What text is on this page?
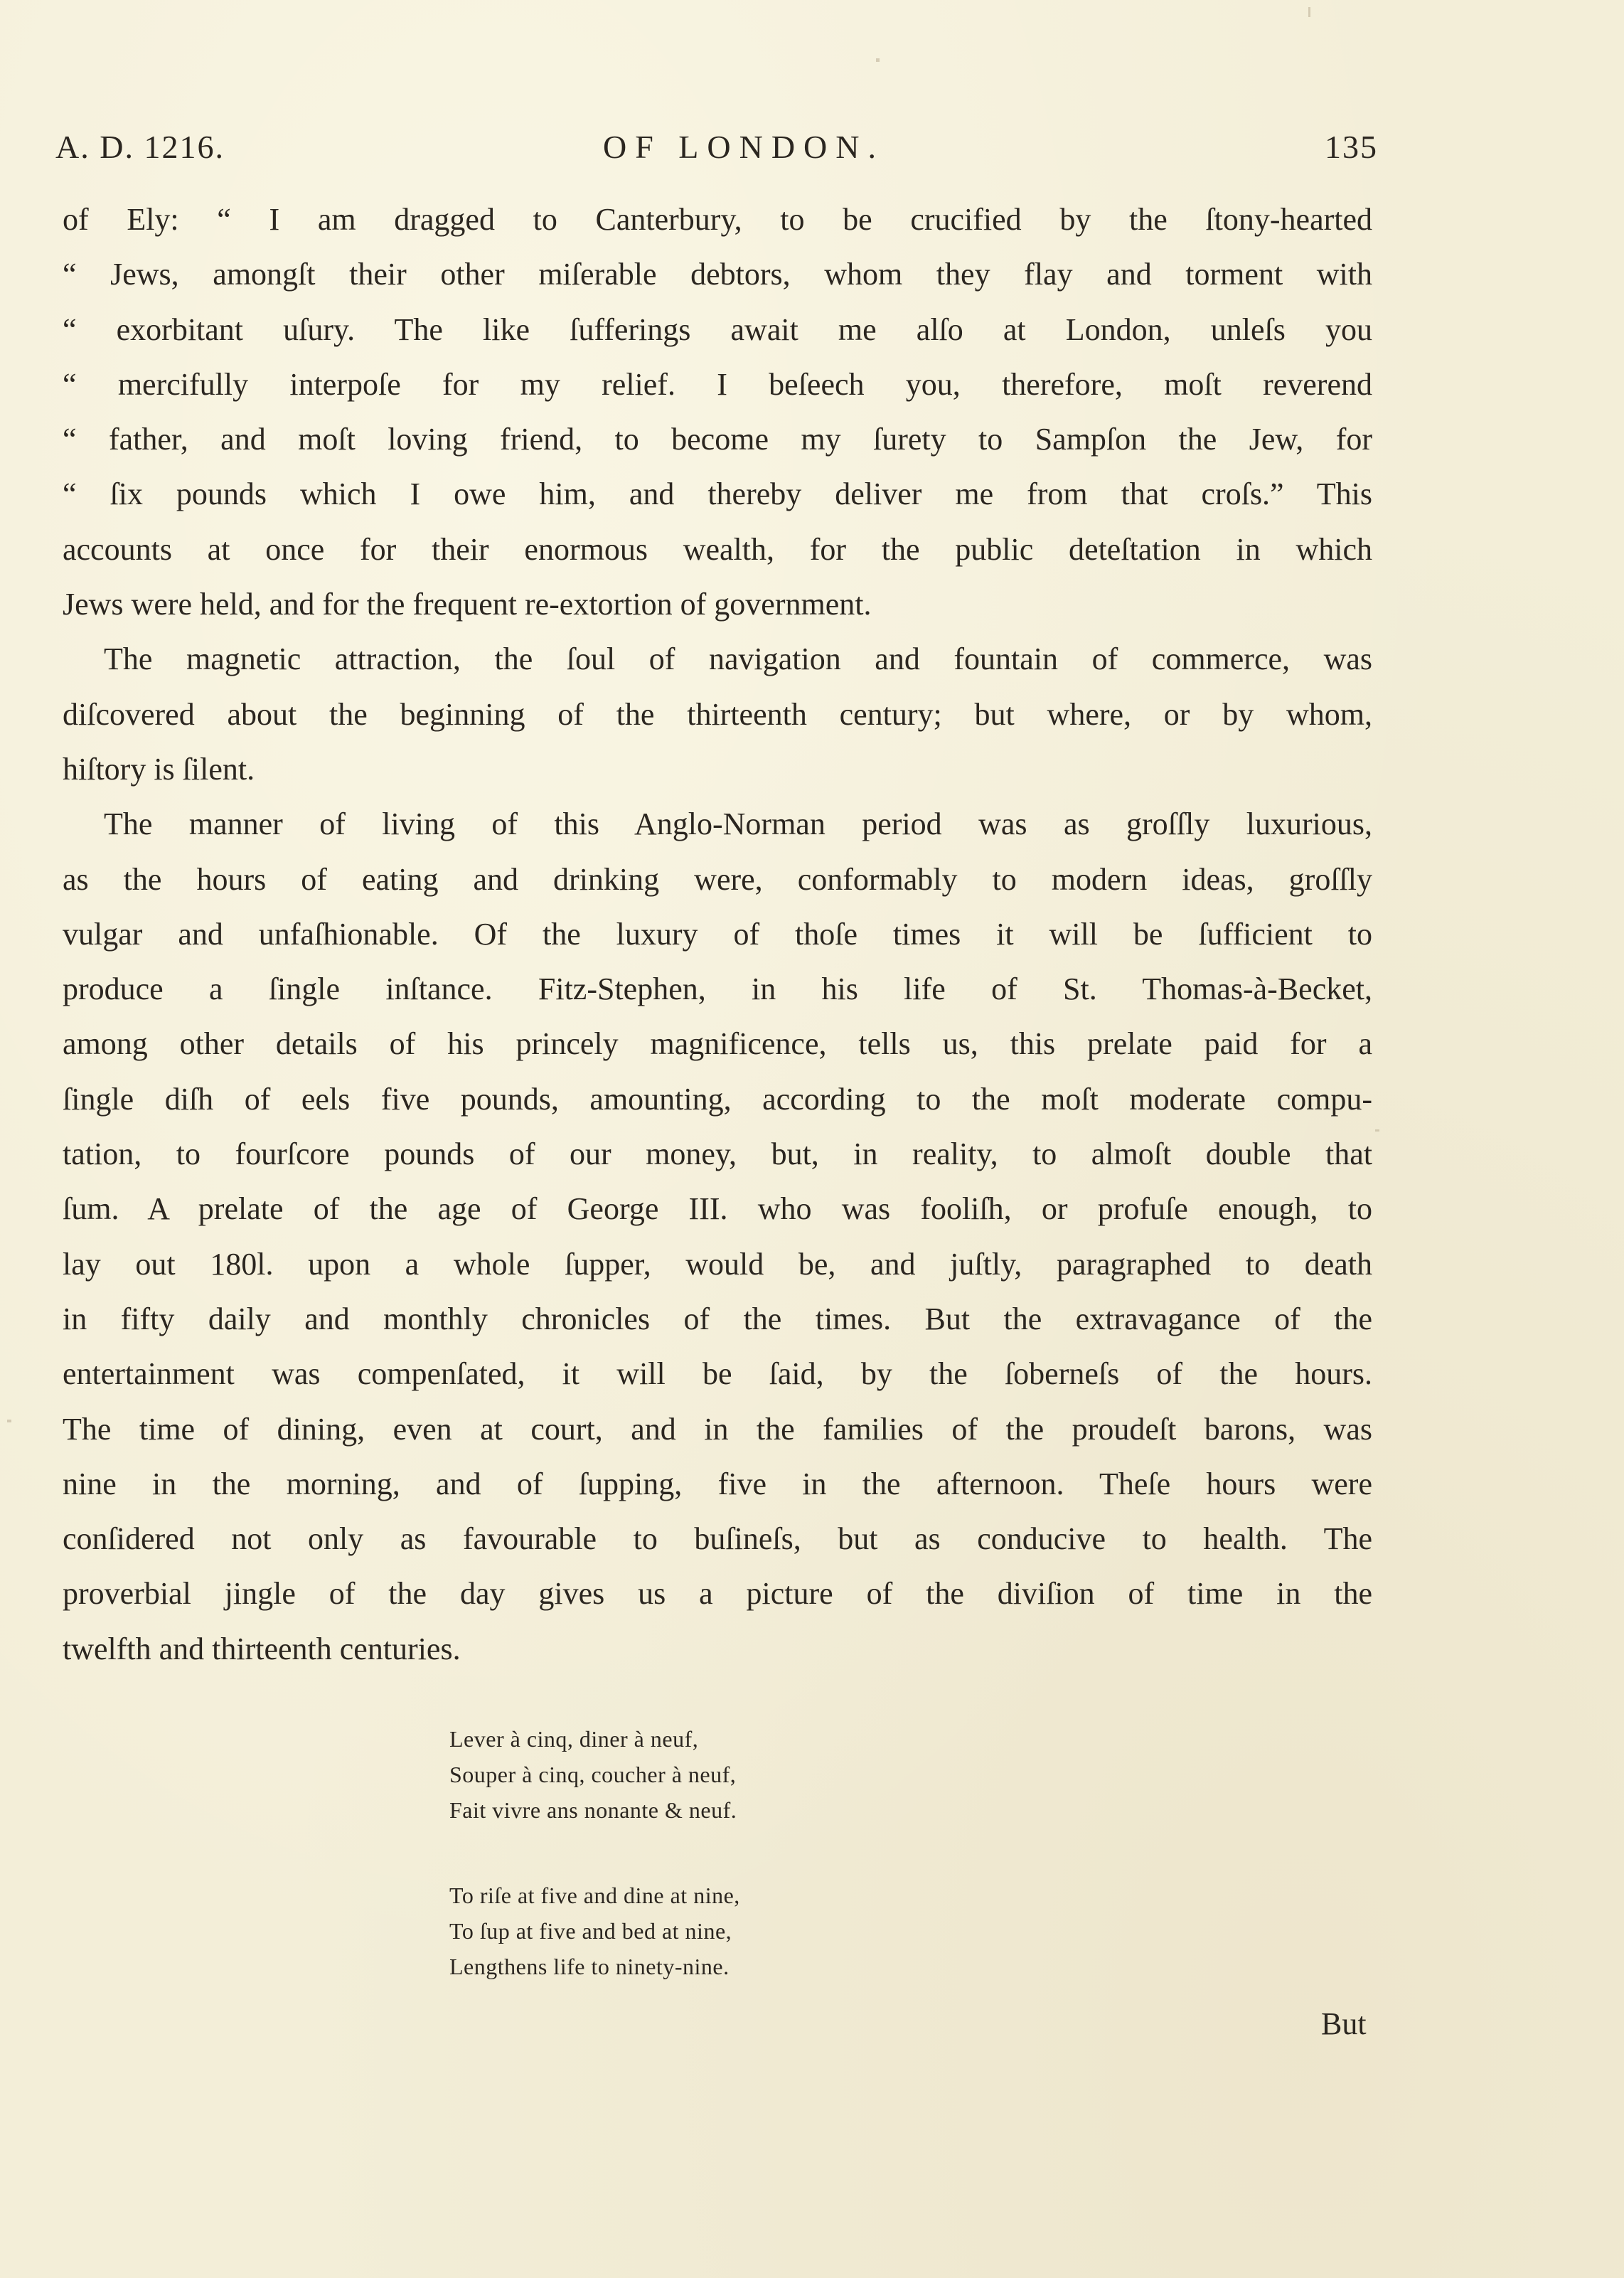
A. D. 1216.	OF LONDON.	135
of Ely: “ I am dragged to Canterbury, to be crucified by the ſtony-hearted
“ Jews, amongſt their other miſerable debtors, whom they flay and torment with
“ exorbitant uſury. The like ſufferings await me alſo at London, unleſs you
“ mercifully interpoſe for my relief. I beſeech you, therefore, moſt reverend
“ father, and moſt loving friend, to become my ſurety to Sampſon the Jew, for
“ ſix pounds which I owe him, and thereby deliver me from that croſs.” This
accounts at once for their enormous wealth, for the public deteſtation in which
Jews were held, and for the frequent re-extortion of government.
The magnetic attraction, the ſoul of navigation and fountain of commerce, was
diſcovered about the beginning of the thirteenth century; but where, or by whom,
hiſtory is ſilent.
The manner of living of this Anglo-Norman period was as groſſly luxurious,
as the hours of eating and drinking were, conformably to modern ideas, groſſly
vulgar and unfaſhionable. Of the luxury of thoſe times it will be ſufficient to
produce a ſingle inſtance. Fitz-Stephen, in his life of St. Thomas-à-Becket,
among other details of his princely magnificence, tells us, this prelate paid for a
ſingle diſh of eels five pounds, amounting, according to the moſt moderate compu-
tation, to fourſcore pounds of our money, but, in reality, to almoſt double that
ſum. A prelate of the age of George III. who was fooliſh, or profuſe enough, to
lay out 180l. upon a whole ſupper, would be, and juſtly, paragraphed to death
in fifty daily and monthly chronicles of the times. But the extravagance of the
entertainment was compenſated, it will be ſaid, by the ſoberneſs of the hours.
The time of dining, even at court, and in the families of the proudeſt barons, was
nine in the morning, and of ſupping, five in the afternoon. Theſe hours were
conſidered not only as favourable to buſineſs, but as conducive to health. The
proverbial jingle of the day gives us a picture of the diviſion of time in the
twelfth and thirteenth centuries.
Lever à cinq, diner à neuf,
Souper à cinq, coucher à neuf,
Fait vivre ans nonante & neuf.
To riſe at five and dine at nine,
To ſup at five and bed at nine,
Lengthens life to ninety-nine.
But
